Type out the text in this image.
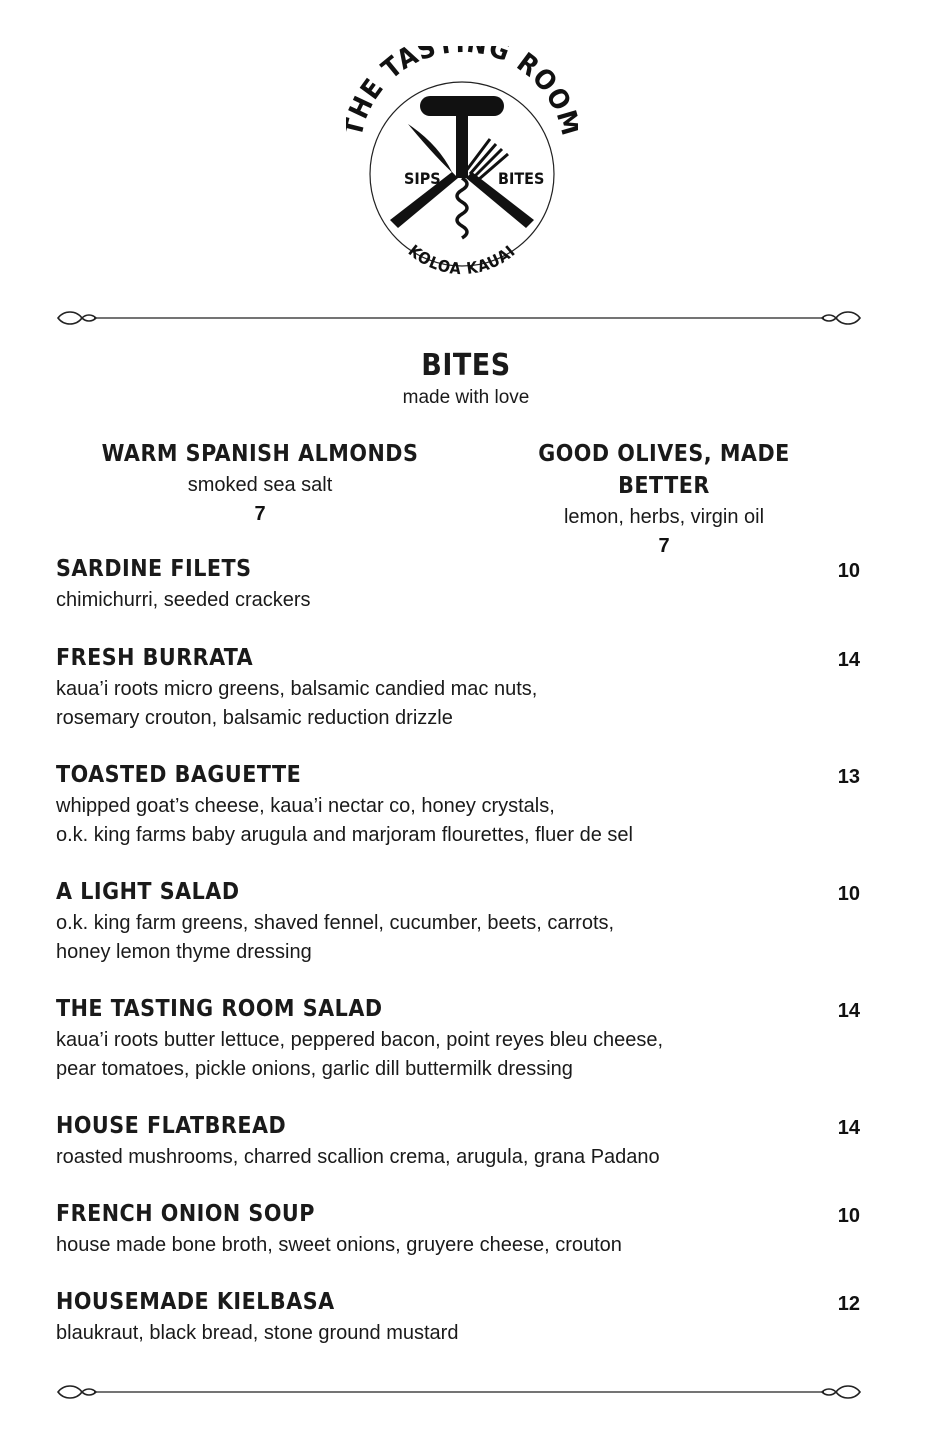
HE TAS G ROO
KOLOA KAUAI
SIPS	BITES
BITES
made with love
WARM SPANISH ALMONDS
smoked sea salt
7
GOOD OLIVES, MADE BETTER
lemon, herbs, virgin oil
7
SARDINE FILETS	10
chimichurri, seeded crackers
FRESH BURRATA	14
kaua’i roots micro greens, balsamic candied mac nuts,
rosemary crouton, balsamic reduction drizzle
TOASTED BAGUETTE	13
whipped goat’s cheese, kaua’i nectar co, honey crystals,
o.k. king farms baby arugula and marjoram flourettes, fluer de sel
A LIGHT SALAD	10
o.k. king farm greens, shaved fennel, cucumber, beets, carrots,
honey lemon thyme dressing
THE TASTING ROOM SALAD	14
kaua’i roots butter lettuce, peppered bacon, point reyes bleu cheese,
pear tomatoes, pickle onions, garlic dill buttermilk dressing
HOUSE FLATBREAD	14
roasted mushrooms, charred scallion crema, arugula, grana Padano
FRENCH ONION SOUP	10
house made bone broth, sweet onions, gruyere cheese, crouton
HOUSEMADE KIELBASA	12
blaukraut, black bread, stone ground mustard
